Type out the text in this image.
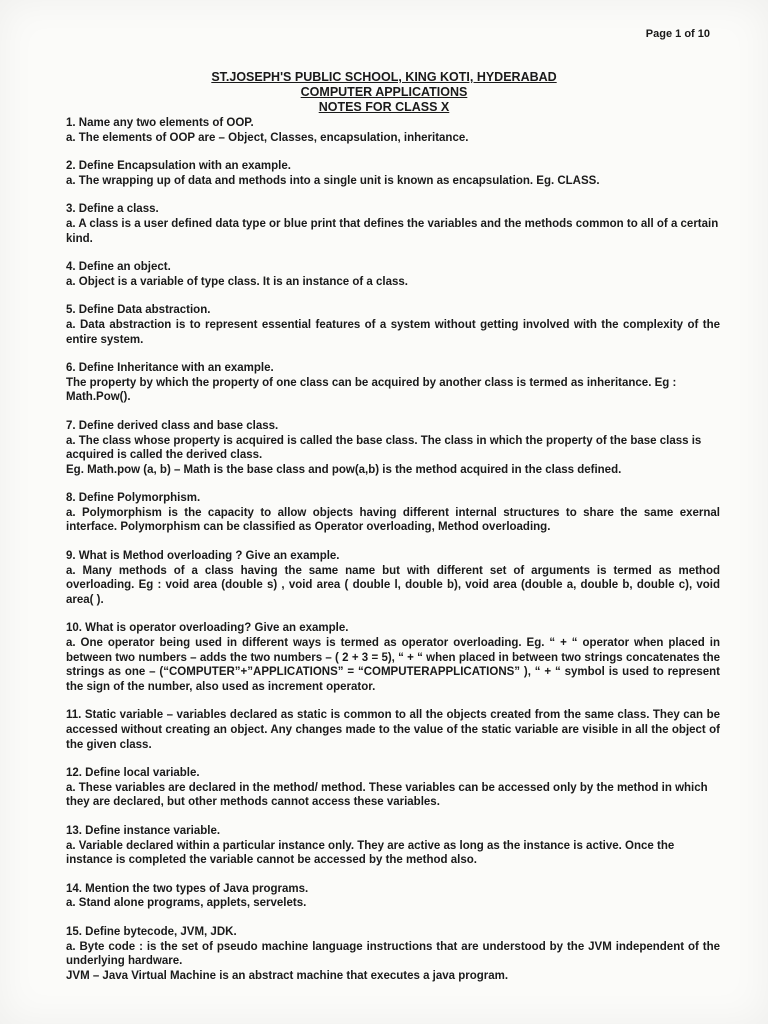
Page 1 of 10
ST.JOSEPH'S PUBLIC SCHOOL, KING KOTI, HYDERABAD
COMPUTER APPLICATIONS
NOTES FOR CLASS X

1. Name any two elements of OOP.

a. The elements of OOP are – Object, Classes, encapsulation, inheritance.

2. Define Encapsulation with an example.

a. The wrapping up of data and methods into a single unit is known as encapsulation. Eg. CLASS.

3. Define a class.

a. A class is a user defined data type or blue print that defines the variables and the methods common to all of a certain kind.

4. Define an object.

a. Object is a variable of type class. It is an instance of a class.

5. Define Data abstraction.

a. Data abstraction is to represent essential features of a system without getting involved with the complexity of the entire system.

6. Define Inheritance with an example.

The property by which the property of one class can be acquired by another class is termed as inheritance. Eg : Math.Pow().

7. Define derived class and base class.

a. The class whose property is acquired is called the base class. The class in which the property of the base class is acquired is called the derived class.

Eg. Math.pow (a, b) – Math is the base class and pow(a,b) is the method acquired in the class defined.

8. Define Polymorphism.

a. Polymorphism is the capacity to allow objects having different internal structures to share the same exernal interface. Polymorphism can be classified as Operator overloading, Method overloading.

9. What is Method overloading ? Give an example.

a. Many methods of a class having the same name but with different set of arguments is termed as method overloading. Eg : void area (double s) , void area ( double l, double b), void area (double a, double b, double c), void area( ).

10. What is operator overloading? Give an example.

a. One operator being used in different ways is termed as operator overloading. Eg. “ + “ operator when placed in between two numbers – adds the two numbers – ( 2 + 3 = 5), “ + “ when placed in between two strings concatenates the strings as one – (“COMPUTER”+”APPLICATIONS” = “COMPUTERAPPLICATIONS” ), “ + “ symbol is used to represent the sign of the number, also used as increment operator.

11. Static variable – variables declared as static is common to all the objects created from the same class. They can be accessed without creating an object. Any changes made to the value of the static variable are visible in all the object of the given class.

12. Define local variable.

a. These variables are declared in the method/ method. These variables can be accessed only by the method in which they are declared, but other methods cannot access these variables.

13. Define instance variable.

a. Variable declared within a particular instance only. They are active as long as the instance is active. Once the instance is completed the variable cannot be accessed by the method also.

14. Mention the two types of Java programs.

a. Stand alone programs, applets, servelets.

15. Define bytecode, JVM, JDK.

a. Byte code : is the set of pseudo machine language instructions that are understood by the JVM independent of the underlying hardware.

JVM – Java Virtual Machine is an abstract machine that executes a java program.
